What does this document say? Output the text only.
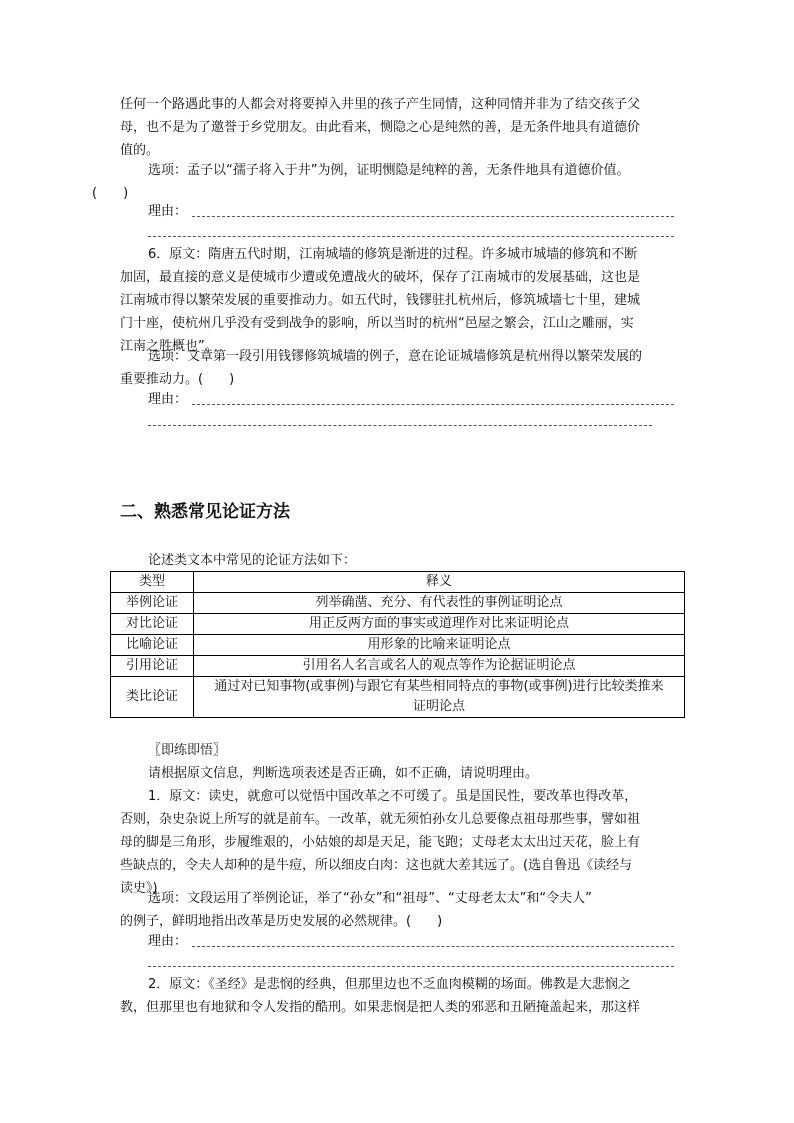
任何一个路遇此事的人都会对将要掉入井里的孩子产生同情，这种同情并非为了结交孩子父
母，也不是为了邀誉于乡党朋友。由此看来，恻隐之心是纯然的善，是无条件地具有道德价
值的。

选项：孟子以“孺子将入于井”为例，证明恻隐是纯粹的善，无条件地具有道德价值。
(　　)

理由：

6．原文：隋唐五代时期，江南城墙的修筑是渐进的过程。许多城市城墙的修筑和不断
加固，最直接的意义是使城市少遭或免遭战火的破坏，保存了江南城市的发展基础，这也是
江南城市得以繁荣发展的重要推动力。如五代时，钱镠驻扎杭州后，修筑城墙七十里，建城
门十座，使杭州几乎没有受到战争的影响，所以当时的杭州“邑屋之繁会，江山之雕丽，实
江南之胜概也”。

选项：文章第一段引用钱镠修筑城墙的例子，意在论证城墙修筑是杭州得以繁荣发展的
重要推动力。(　　)

理由：
二、熟悉常见论证方法

论述类文本中常见的论证方法如下：

类型	释义
举例论证	列举确凿、充分、有代表性的事例证明论点
对比论证	用正反两方面的事实或道理作对比来证明论点
比喻论证	用形象的比喻来证明论点
引用论证	引用名人名言或名人的观点等作为论据证明论点
类比论证	通过对已知事物(或事例)与跟它有某些相同特点的事物(或事例)进行比较类推来证明论点

〖即练即悟〗

请根据原文信息，判断选项表述是否正确，如不正确，请说明理由。

1．原文：读史，就愈可以觉悟中国改革之不可缓了。虽是国民性，要改革也得改革，
否则，杂史杂说上所写的就是前车。一改革，就无须怕孙女儿总要像点祖母那些事，譬如祖
母的脚是三角形，步履维艰的，小姑娘的却是天足，能飞跑；丈母老太太出过天花，脸上有
些缺点的，令夫人却种的是牛痘，所以细皮白肉：这也就大差其远了。(选自鲁迅《读经与
读史》)

选项：文段运用了举例论证，举了“孙女”和“祖母”、“丈母老太太”和“令夫人”
的例子，鲜明地指出改革是历史发展的必然规律。(　　)

理由：

2．原文：《圣经》是悲悯的经典，但那里边也不乏血肉模糊的场面。佛教是大悲悯之
教，但那里也有地狱和令人发指的酷刑。如果悲悯是把人类的邪恶和丑陋掩盖起来，那这样
